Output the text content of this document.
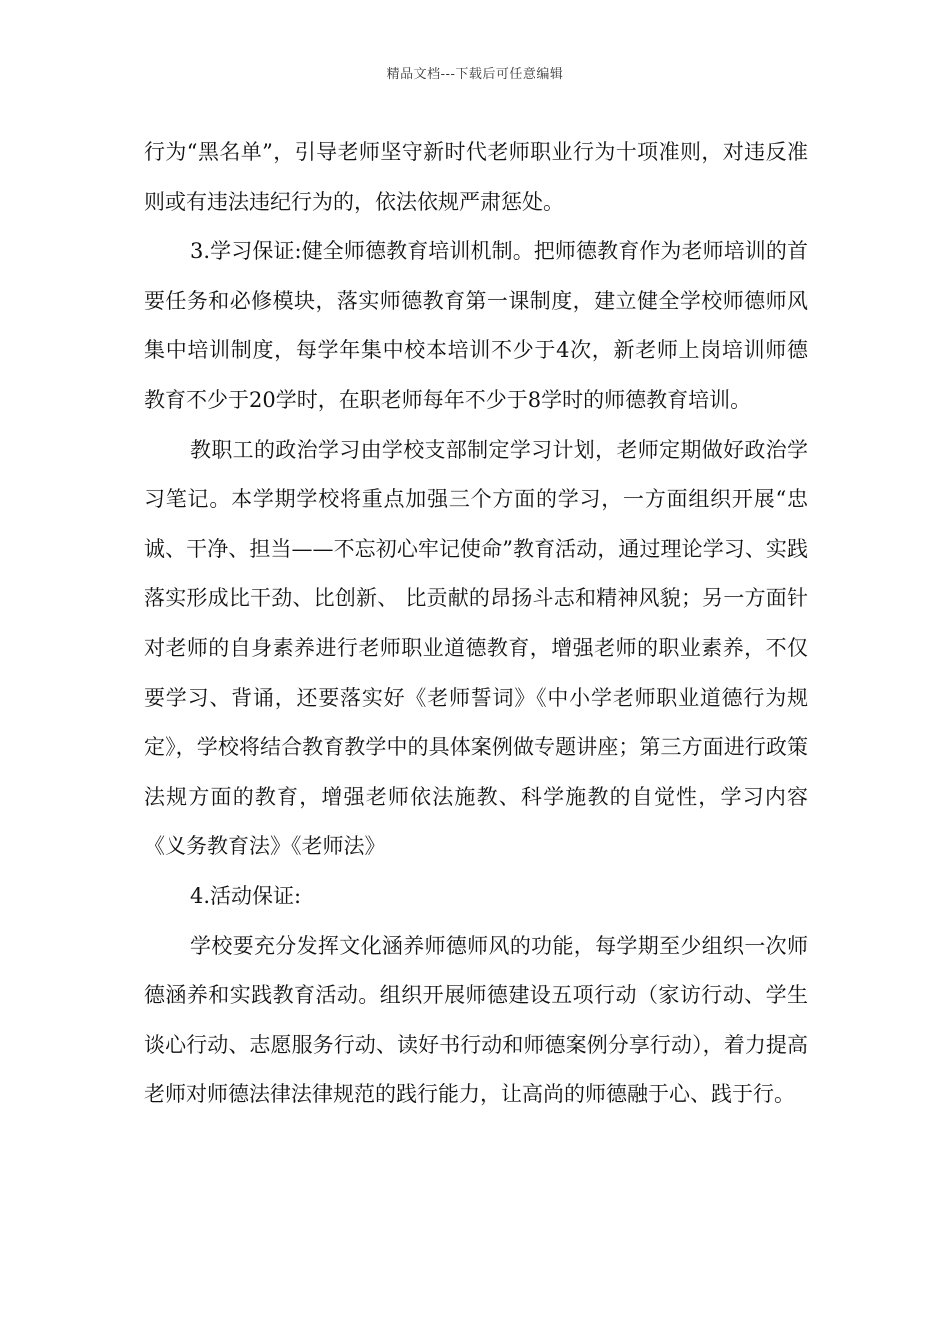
精品文档---下载后可任意编辑

行为“黑名单”，引导老师坚守新时代老师职业行为十项准则，对违反准则或有违法违纪行为的，依法依规严肃惩处。

3.学习保证:健全师德教育培训机制。把师德教育作为老师培训的首要任务和必修模块，落实师德教育第一课制度，建立健全学校师德师风集中培训制度，每学年集中校本培训不少于4次，新老师上岗培训师德教育不少于20学时，在职老师每年不少于8学时的师德教育培训。

教职工的政治学习由学校支部制定学习计划，老师定期做好政治学习笔记。本学期学校将重点加强三个方面的学习，一方面组织开展“忠诚、干净、担当——不忘初心牢记使命”教育活动，通过理论学习、实践落实形成比干劲、比创新、 比贡献的昂扬斗志和精神风貌；另一方面针对老师的自身素养进行老师职业道德教育，增强老师的职业素养，不仅要学习、背诵，还要落实好《老师誓词》《中小学老师职业道德行为规定》，学校将结合教育教学中的具体案例做专题讲座；第三方面进行政策法规方面的教育，增强老师依法施教、科学施教的自觉性，学习内容《义务教育法》《老师法》

4.活动保证:

学校要充分发挥文化涵养师德师风的功能，每学期至少组织一次师德涵养和实践教育活动。组织开展师德建设五项行动（家访行动、学生谈心行动、志愿服务行动、读好书行动和师德案例分享行动），着力提高老师对师德法律法律规范的践行能力，让高尚的师德融于心、践于行。
